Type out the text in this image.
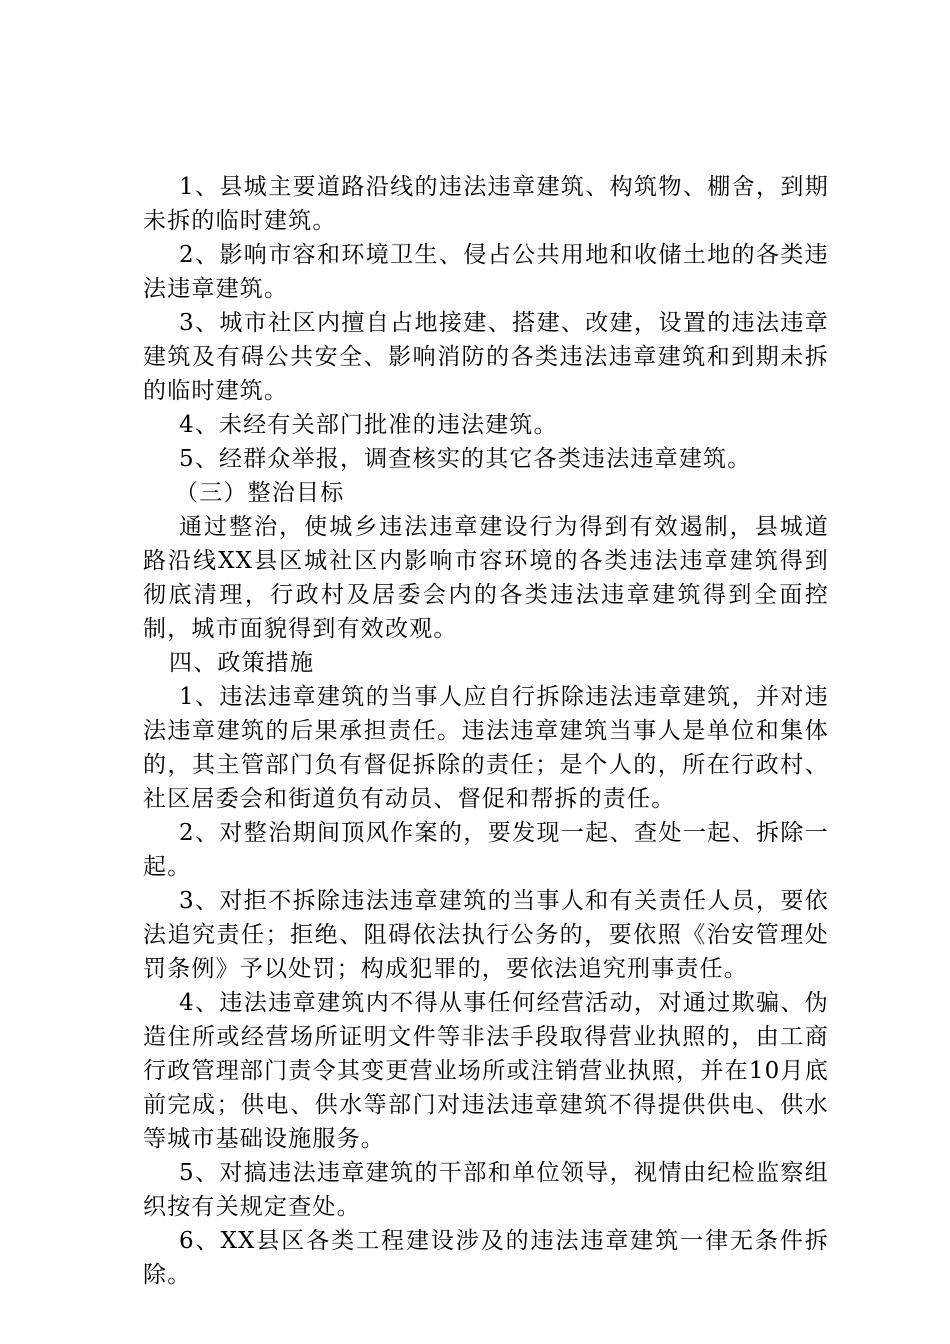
1、县城主要道路沿线的违法违章建筑、构筑物、棚舍，到期未拆的临时建筑。

2、影响市容和环境卫生、侵占公共用地和收储土地的各类违法违章建筑。

3、城市社区内擅自占地接建、搭建、改建，设置的违法违章建筑及有碍公共安全、影响消防的各类违法违章建筑和到期未拆的临时建筑。

4、未经有关部门批准的违法建筑。

5、经群众举报，调查核实的其它各类违法违章建筑。

（三）整治目标

通过整治，使城乡违法违章建设行为得到有效遏制，县城道路沿线XX县区城社区内影响市容环境的各类违法违章建筑得到彻底清理，行政村及居委会内的各类违法违章建筑得到全面控制，城市面貌得到有效改观。

四、政策措施

1、违法违章建筑的当事人应自行拆除违法违章建筑，并对违法违章建筑的后果承担责任。违法违章建筑当事人是单位和集体的，其主管部门负有督促拆除的责任；是个人的，所在行政村、社区居委会和街道负有动员、督促和帮拆的责任。

2、对整治期间顶风作案的，要发现一起、查处一起、拆除一起。

3、对拒不拆除违法违章建筑的当事人和有关责任人员，要依法追究责任；拒绝、阻碍依法执行公务的，要依照《治安管理处罚条例》予以处罚；构成犯罪的，要依法追究刑事责任。

4、违法违章建筑内不得从事任何经营活动，对通过欺骗、伪造住所或经营场所证明文件等非法手段取得营业执照的，由工商行政管理部门责令其变更营业场所或注销营业执照，并在10月底前完成；供电、供水等部门对违法违章建筑不得提供供电、供水等城市基础设施服务。

5、对搞违法违章建筑的干部和单位领导，视情由纪检监察组织按有关规定查处。

6、XX县区各类工程建设涉及的违法违章建筑一律无条件拆除。
